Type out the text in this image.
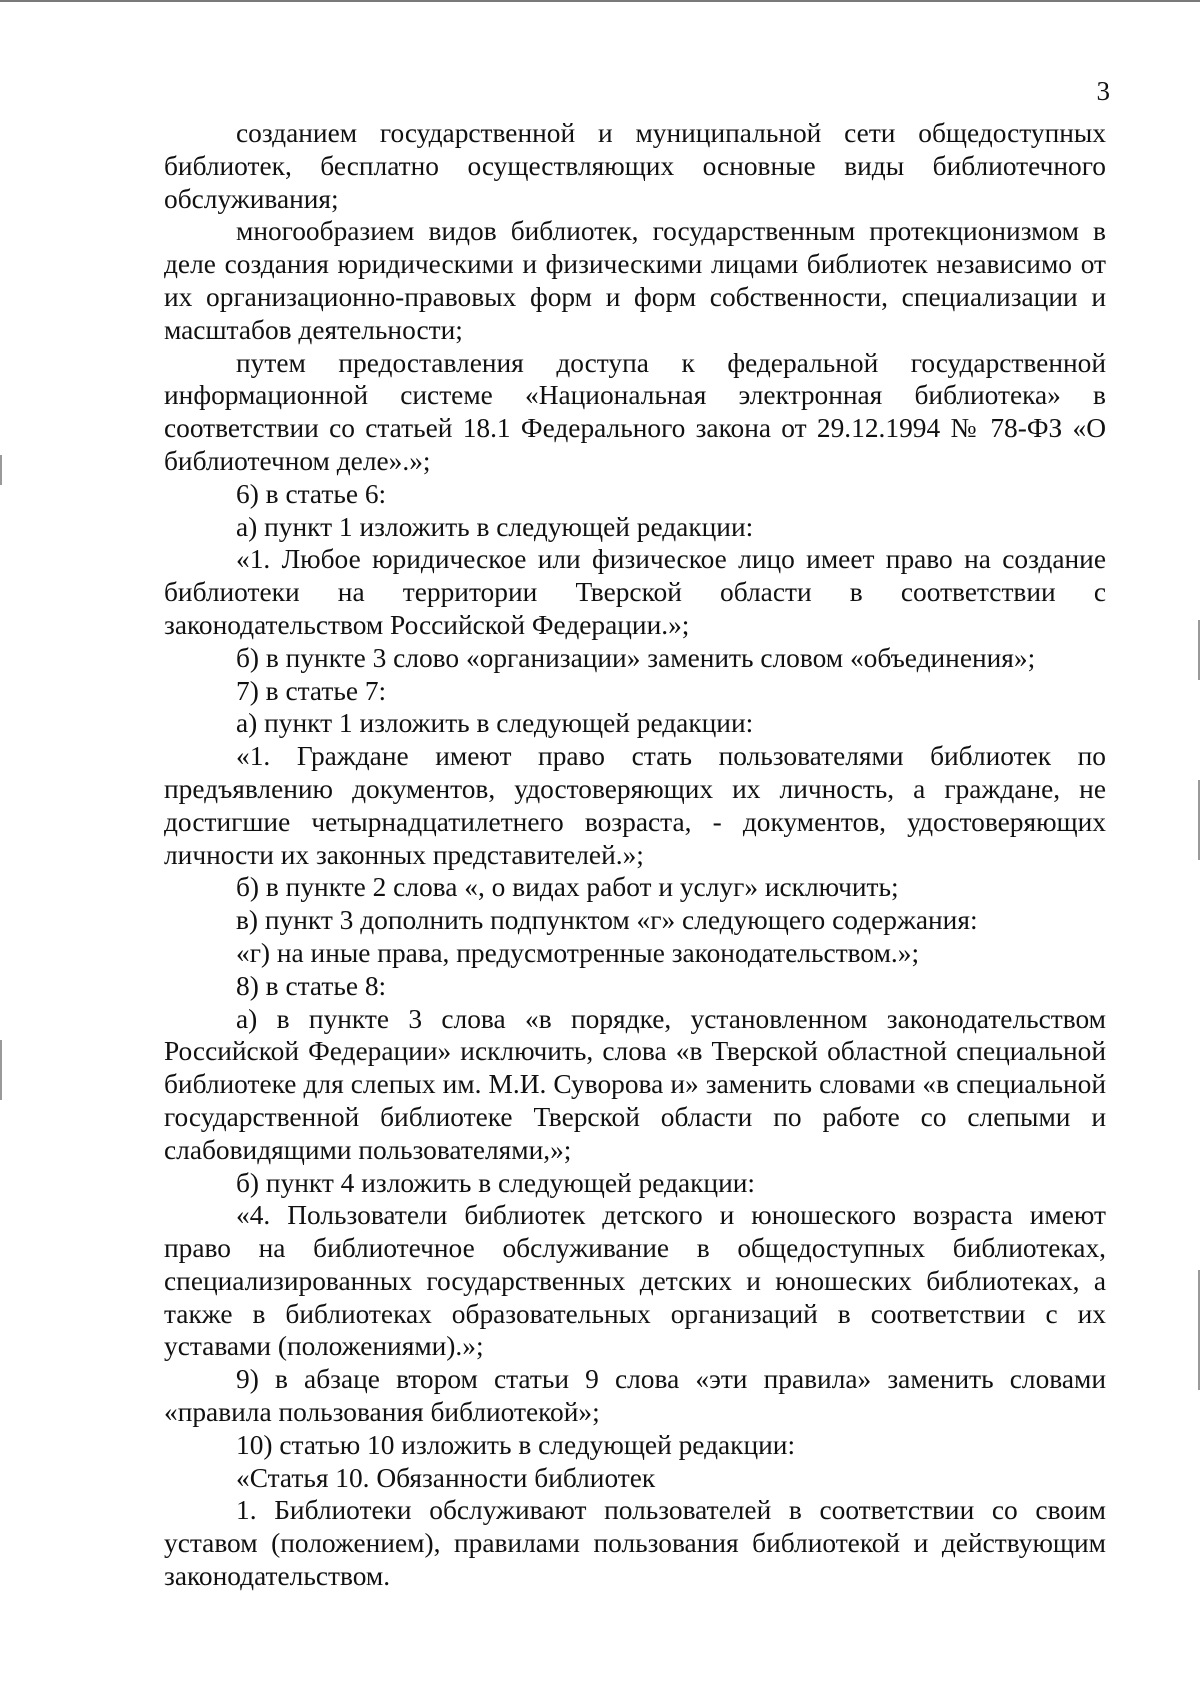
3

созданием государственной и муниципальной сети общедоступных библиотек, бесплатно осуществляющих основные виды библиотечного обслуживания;

многообразием видов библиотек, государственным протекционизмом в деле создания юридическими и физическими лицами библиотек независимо от их организационно-правовых форм и форм собственности, специализации и масштабов деятельности;

путем предоставления доступа к федеральной государственной информационной системе «Национальная электронная библиотека» в соответствии со статьей 18.1 Федерального закона от 29.12.1994 № 78-ФЗ «О библиотечном деле».»;

6) в статье 6:

а) пункт 1 изложить в следующей редакции:

«1. Любое юридическое или физическое лицо имеет право на создание библиотеки на территории Тверской области в соответствии с законодательством Российской Федерации.»;

б) в пункте 3 слово «организации» заменить словом «объединения»;

7) в статье 7:

а) пункт 1 изложить в следующей редакции:

«1. Граждане имеют право стать пользователями библиотек по предъявлению документов, удостоверяющих их личность, а граждане, не достигшие четырнадцатилетнего возраста, - документов, удостоверяющих личности их законных представителей.»;

б) в пункте 2 слова «, о видах работ и услуг» исключить;

в) пункт 3 дополнить подпунктом «г» следующего содержания:

«г) на иные права, предусмотренные законодательством.»;

8) в статье 8:

а) в пункте 3 слова «в порядке, установленном законодательством Российской Федерации» исключить, слова «в Тверской областной специальной библиотеке для слепых им. М.И. Суворова и» заменить словами «в специальной государственной библиотеке Тверской области по работе со слепыми и слабовидящими пользователями,»;

б) пункт 4 изложить в следующей редакции:

«4. Пользователи библиотек детского и юношеского возраста имеют право на библиотечное обслуживание в общедоступных библиотеках, специализированных государственных детских и юношеских библиотеках, а также в библиотеках образовательных организаций в соответствии с их уставами (положениями).»;

9) в абзаце втором статьи 9 слова «эти правила» заменить словами «правила пользования библиотекой»;

10) статью 10 изложить в следующей редакции:

«Статья 10. Обязанности библиотек

1. Библиотеки обслуживают пользователей в соответствии со своим уставом (положением), правилами пользования библиотекой и действующим законодательством.
